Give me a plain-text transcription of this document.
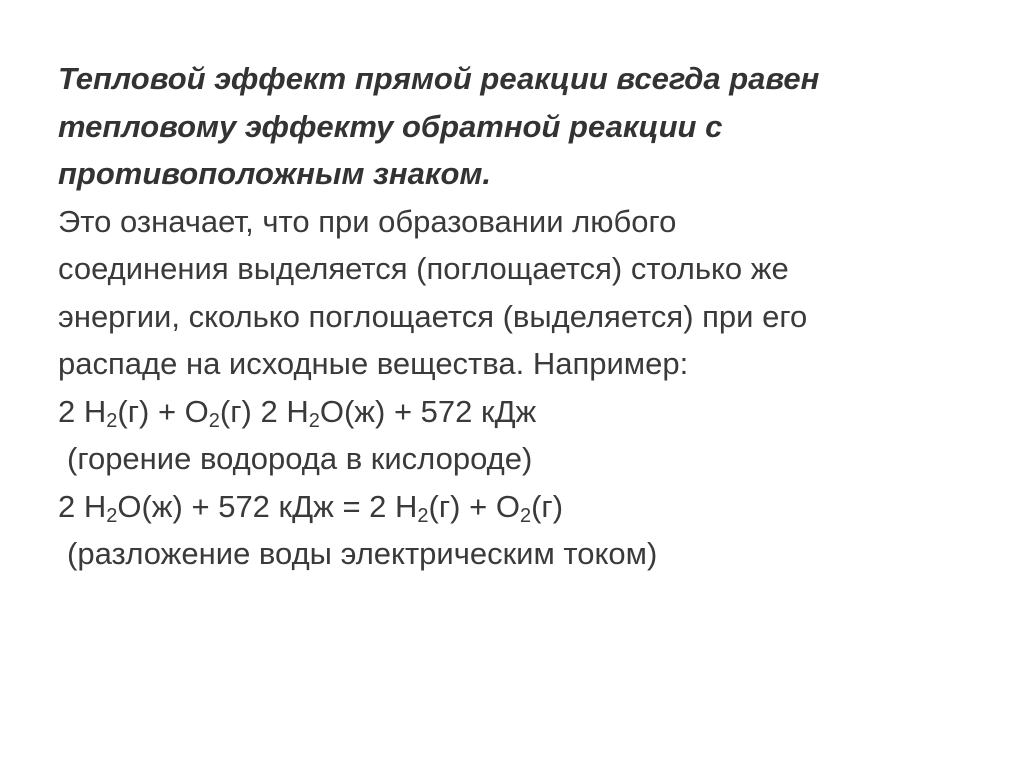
Тепловой эффект прямой реакции всегда равен
тепловому эффекту обратной реакции с
противоположным знаком.
Это означает, что при образовании любого
соединения выделяется (поглощается) столько же
энергии, сколько поглощается (выделяется) при его
распаде на исходные вещества. Например:
2 $H_2(г) + O_2(г)$ 2 $H_2O(ж) + 572$ кДж
(горение водорода в кислороде)
2 $H_2O(ж) + 572$ кДж = 2 $H_2(г) + O_2(г)$
(разложение воды электрическим током)
